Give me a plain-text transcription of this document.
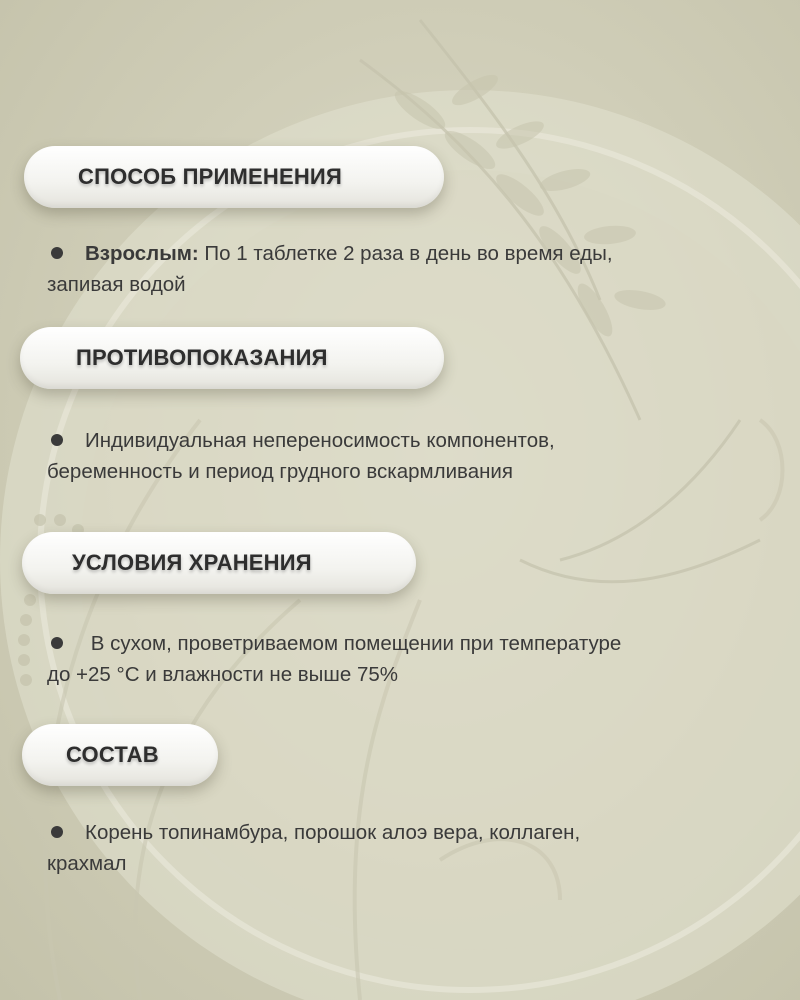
СПОСОБ ПРИМЕНЕНИЯ
Взрослым: По 1 таблетке 2 раза в день во время еды,
запивая водой
ПРОТИВОПОКАЗАНИЯ
Индивидуальная непереносимость компонентов,
беременность и период грудного вскармливания
УСЛОВИЯ ХРАНЕНИЯ
В сухом, проветриваемом помещении при температуре
до +25 °С и влажности не выше 75%
СОСТАВ
Корень топинамбура, порошок алоэ вера, коллаген,
крахмал
